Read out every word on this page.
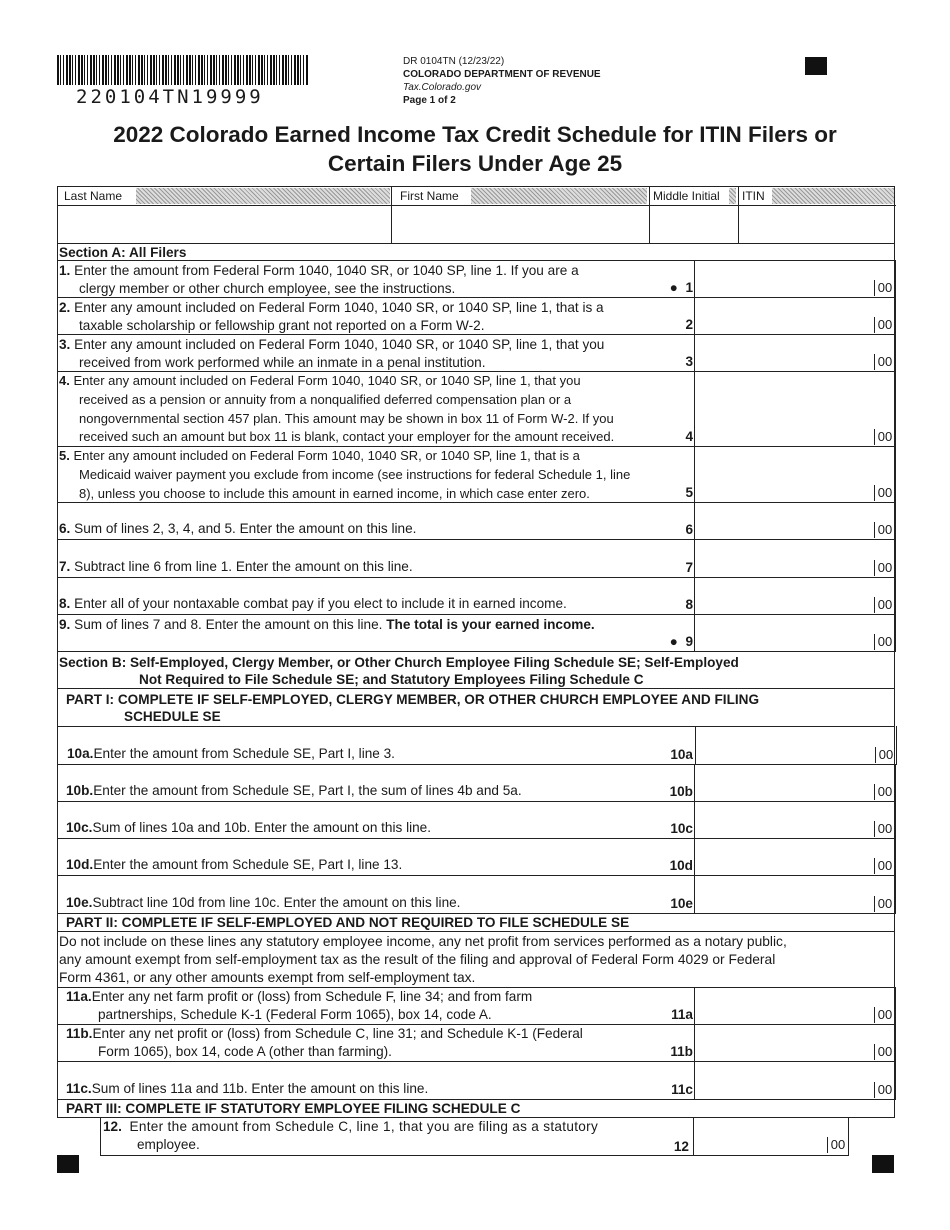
220104TN19999
DR 0104TN (12/23/22)
COLORADO DEPARTMENT OF REVENUE
Tax.Colorado.gov
Page 1 of 2
2022 Colorado Earned Income Tax Credit Schedule for ITIN Filers or
Certain Filers Under Age 25
Last Name	First Name	Middle Initial ITIN
Section A: All Filers
1. Enter the amount from Federal Form 1040, 1040 SR, or 1040 SP, line 1. If you are a
clergy member or other church employee, see the instructions.	● 1	00
2. Enter any amount included on Federal Form 1040, 1040 SR, or 1040 SP, line 1, that is a
taxable scholarship or fellowship grant not reported on a Form W-2.	2	00
3. Enter any amount included on Federal Form 1040, 1040 SR, or 1040 SP, line 1, that you
received from work performed while an inmate in a penal institution.	3	00
4. Enter any amount included on Federal Form 1040, 1040 SR, or 1040 SP, line 1, that you
received as a pension or annuity from a nonqualified deferred compensation plan or a
nongovernmental section 457 plan. This amount may be shown in box 11 of Form W-2. If you
received such an amount but box 11 is blank, contact your employer for the amount received.	4	00
5. Enter any amount included on Federal Form 1040, 1040 SR, or 1040 SP, line 1, that is a
Medicaid waiver payment you exclude from income (see instructions for federal Schedule 1, line
8), unless you choose to include this amount in earned income, in which case enter zero.	5	00
6. Sum of lines 2, 3, 4, and 5. Enter the amount on this line.	6	00
7. Subtract line 6 from line 1. Enter the amount on this line.	7	00
8. Enter all of your nontaxable combat pay if you elect to include it in earned income.	8	00
9. Sum of lines 7 and 8. Enter the amount on this line. The total is your earned income.
● 9	00
Section B: Self-Employed, Clergy Member, or Other Church Employee Filing Schedule SE; Self-Employed
Not Required to File Schedule SE; and Statutory Employees Filing Schedule C
PART I: COMPLETE IF SELF-EMPLOYED, CLERGY MEMBER, OR OTHER CHURCH EMPLOYEE AND FILING
SCHEDULE SE
10a.Enter the amount from Schedule SE, Part I, line 3.	10a	00
10b.Enter the amount from Schedule SE, Part I, the sum of lines 4b and 5a.	10b	00
10c.Sum of lines 10a and 10b. Enter the amount on this line.	10c	00
10d.Enter the amount from Schedule SE, Part I, line 13.	10d	00
10e.Subtract line 10d from line 10c. Enter the amount on this line.	10e	00
PART II: COMPLETE IF SELF-EMPLOYED AND NOT REQUIRED TO FILE SCHEDULE SE
Do not include on these lines any statutory employee income, any net profit from services performed as a notary public,
any amount exempt from self-employment tax as the result of the filing and approval of Federal Form 4029 or Federal
Form 4361, or any other amounts exempt from self-employment tax.
11a.Enter any net farm profit or (loss) from Schedule F, line 34; and from farm
partnerships, Schedule K-1 (Federal Form 1065), box 14, code A.	11a	00
11b.Enter any net profit or (loss) from Schedule C, line 31; and Schedule K-1 (Federal
Form 1065), box 14, code A (other than farming).	11b	00
11c.Sum of lines 11a and 11b. Enter the amount on this line.	11c	00
PART III: COMPLETE IF STATUTORY EMPLOYEE FILING SCHEDULE C
12. Enter the amount from Schedule C, line 1, that you are filing as a statutory
employee.	12	00
